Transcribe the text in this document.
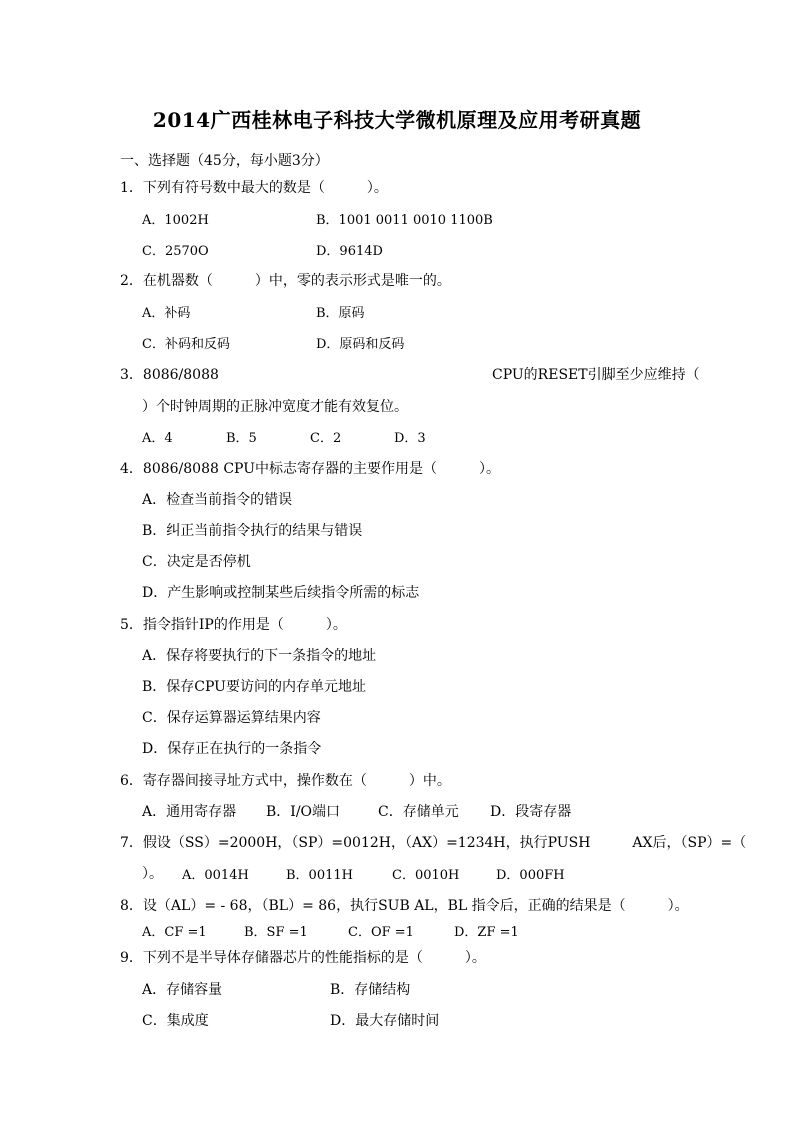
2014广西桂林电子科技大学微机原理及应用考研真题
一、选择题（45分，每小题3分）
1．下列有符号数中最大的数是（　　　）。
A．1002H	B．1001 0011 0010 1100B
C．2570O	D．9614D
2．在机器数（　　　）中，零的表示形式是唯一的。
A．补码	B．原码
C．补码和反码	D．原码和反码
3．8086/8088	CPU的RESET引脚至少应维持（
）个时钟周期的正脉冲宽度才能有效复位。
A．4	B．5	C．2	D．3
4．8086/8088 CPU中标志寄存器的主要作用是（　　　）。
A．检查当前指令的错误
B．纠正当前指令执行的结果与错误
C．决定是否停机
D．产生影响或控制某些后续指令所需的标志
5．指令指针IP的作用是（　　　）。
A．保存将要执行的下一条指令的地址
B．保存CPU要访问的内存单元地址
C．保存运算器运算结果内容
D．保存正在执行的一条指令
6．寄存器间接寻址方式中，操作数在（　　　）中。
A．通用寄存器 B．I/O端口	C．存储单元 D．段寄存器
7．假设（SS）=2000H，（SP）=0012H，（AX）=1234H，执行PUSH　　　AX后，（SP）=（
）。 A．0014H	B．0011H	C．0010H	D．000FH
8．设（AL）= - 68，（BL）= 86，执行SUB AL，BL 指令后，正确的结果是（　　　）。
A．CF =1	B．SF =1	C．OF =1	D．ZF =1
9．下列不是半导体存储器芯片的性能指标的是（　　　）。
A．存储容量	B．存储结构
C．集成度	D．最大存储时间
